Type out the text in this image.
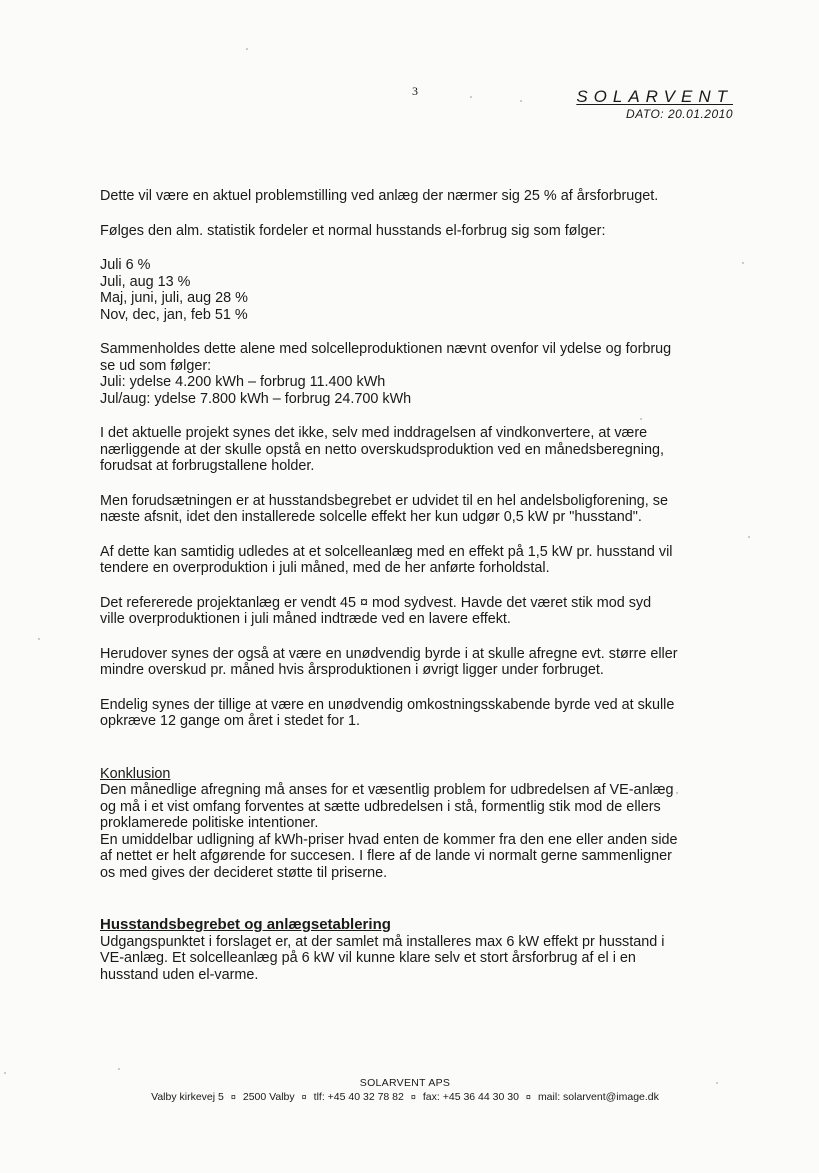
3	SOLARVENT
DATO: 20.01.2010

Dette vil være en aktuel problemstilling ved anlæg der nærmer sig 25 % af årsforbruget.

Følges den alm. statistik fordeler et normal husstands el-forbrug sig som følger:

Juli 6 %
Juli, aug 13 %
Maj, juni, juli, aug 28 %
Nov, dec, jan, feb 51 %

Sammenholdes dette alene med solcelleproduktionen nævnt ovenfor vil ydelse og forbrug
se ud som følger:
Juli: ydelse 4.200 kWh – forbrug 11.400 kWh
Jul/aug: ydelse 7.800 kWh – forbrug 24.700 kWh

I det aktuelle projekt synes det ikke, selv med inddragelsen af vindkonvertere, at være
nærliggende at der skulle opstå en netto overskudsproduktion ved en månedsberegning,
forudsat at forbrugstallene holder.

Men forudsætningen er at husstandsbegrebet er udvidet til en hel andelsboligforening, se
næste afsnit, idet den installerede solcelle effekt her kun udgør 0,5 kW pr "husstand".

Af dette kan samtidig udledes at et solcelleanlæg med en effekt på 1,5 kW pr. husstand vil
tendere en overproduktion i juli måned, med de her anførte forholdstal.

Det refererede projektanlæg er vendt 45 ¤ mod sydvest. Havde det været stik mod syd
ville overproduktionen i juli måned indtræde ved en lavere effekt.

Herudover synes der også at være en unødvendig byrde i at skulle afregne evt. større eller
mindre overskud pr. måned hvis årsproduktionen i øvrigt ligger under forbruget.

Endelig synes der tillige at være en unødvendig omkostningsskabende byrde ved at skulle
opkræve 12 gange om året i stedet for 1.

Konklusion
Den månedlige afregning må anses for et væsentlig problem for udbredelsen af VE-anlæg
og må i et vist omfang forventes at sætte udbredelsen i stå, formentlig stik mod de ellers
proklamerede politiske intentioner.
En umiddelbar udligning af kWh-priser hvad enten de kommer fra den ene eller anden side
af nettet er helt afgørende for succesen. I flere af de lande vi normalt gerne sammenligner
os med gives der decideret støtte til priserne.

Husstandsbegrebet og anlægsetablering
Udgangspunktet i forslaget er, at der samlet må installeres max 6 kW effekt pr husstand i
VE-anlæg. Et solcelleanlæg på 6 kW vil kunne klare selv et stort årsforbrug af el i en
husstand uden el-varme.

SOLARVENT APS
Valby kirkevej 5 ¤ 2500 Valby ¤ tlf: +45 40 32 78 82 ¤ fax: +45 36 44 30 30 ¤ mail: solarvent@image.dk
